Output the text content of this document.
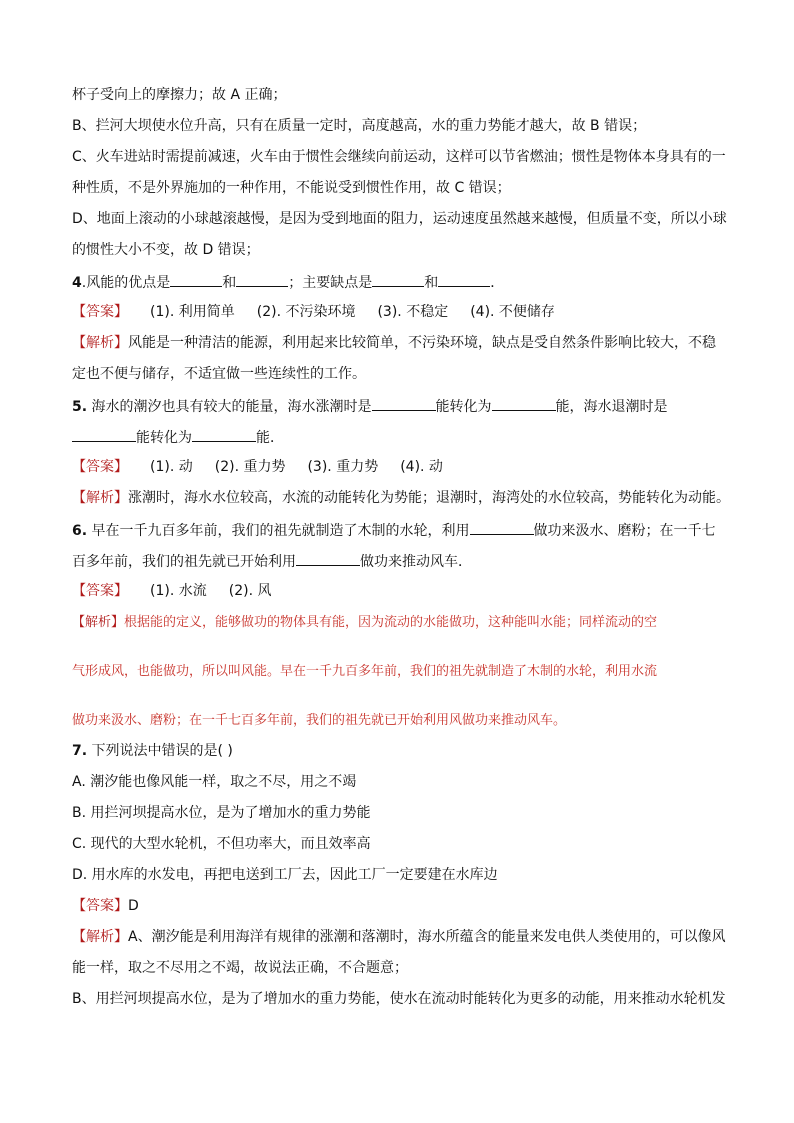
杯子受向上的摩擦力；故 A 正确；
B、拦河大坝使水位升高，只有在质量一定时，高度越高，水的重力势能才越大，故 B 错误；
C、火车进站时需提前减速，火车由于惯性会继续向前运动，这样可以节省燃油；惯性是物体本身具有的一
种性质，不是外界施加的一种作用，不能说受到惯性作用，故 C 错误；
D、地面上滚动的小球越滚越慢，是因为受到地面的阻力，运动速度虽然越来越慢，但质量不变，所以小球
的惯性大小不变，故 D 错误；
4.风能的优点是	和	；主要缺点是	和	．
【答案】 (1). 利用简单 (2). 不污染环境 (3). 不稳定 (4). 不便储存
【解析】风能是一种清洁的能源，利用起来比较简单，不污染环境，缺点是受自然条件影响比较大，不稳
定也不便与储存，不适宜做一些连续性的工作。
5. 海水的潮汐也具有较大的能量，海水涨潮时是	能转化为	能，海水退潮时是
能转化为	能．
【答案】 (1). 动 (2). 重力势 (3). 重力势 (4). 动
【解析】涨潮时，海水水位较高，水流的动能转化为势能；退潮时，海湾处的水位较高，势能转化为动能。
6. 早在一千九百多年前，我们的祖先就制造了木制的水轮，利用	做功来汲水、磨粉；在一千七
百多年前，我们的祖先就已开始利用	做功来推动风车．
【答案】 (1). 水流 (2). 风
【解析】根据能的定义，能够做功的物体具有能，因为流动的水能做功，这种能叫水能；同样流动的空
气形成风，也能做功，所以叫风能。早在一千九百多年前，我们的祖先就制造了木制的水轮，利用水流
做功来汲水、磨粉；在一千七百多年前，我们的祖先就已开始利用风做功来推动风车。
7. 下列说法中错误的是( )
A. 潮汐能也像风能一样，取之不尽，用之不竭
B. 用拦河坝提高水位，是为了增加水的重力势能
C. 现代的大型水轮机，不但功率大，而且效率高
D. 用水库的水发电，再把电送到工厂去，因此工厂一定要建在水库边
【答案】D
【解析】A、潮汐能是利用海洋有规律的涨潮和落潮时，海水所蕴含的能量来发电供人类使用的，可以像风
能一样，取之不尽用之不竭，故说法正确，不合题意；
B、用拦河坝提高水位，是为了增加水的重力势能，使水在流动时能转化为更多的动能，用来推动水轮机发
